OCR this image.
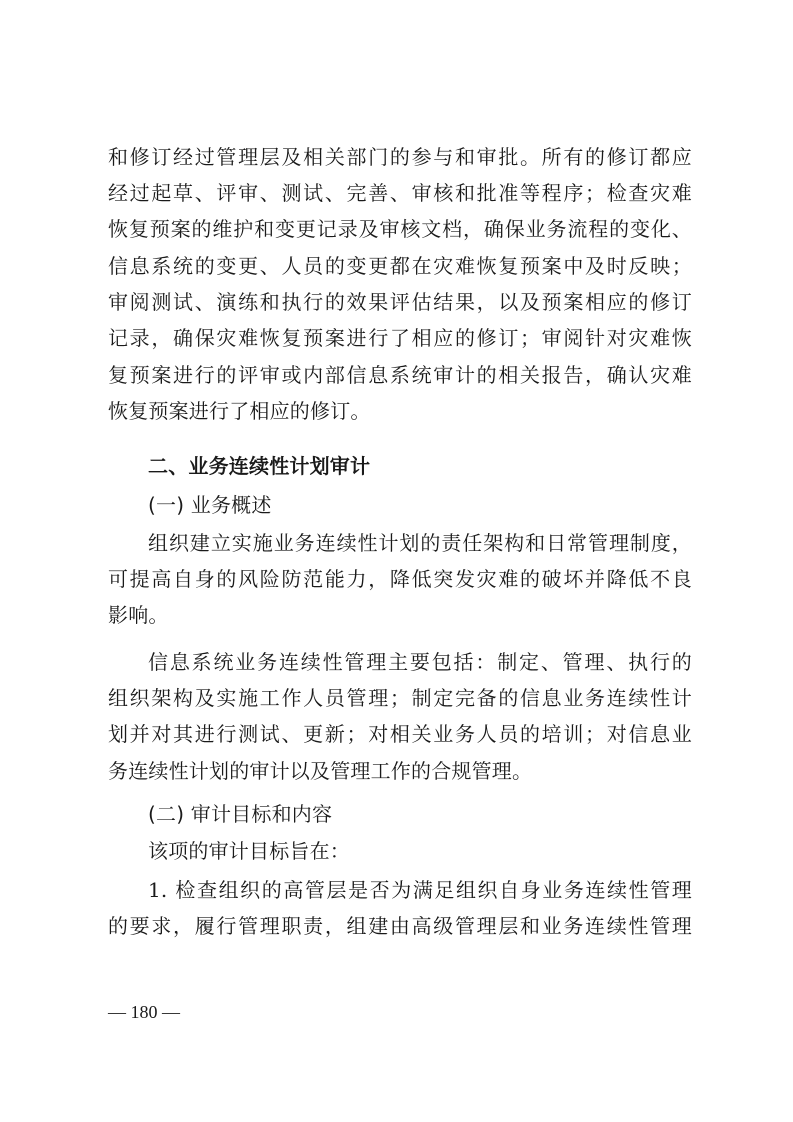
和修订经过管理层及相关部门的参与和审批。所有的修订都应
经过起草、评审、测试、完善、审核和批准等程序；检查灾难
恢复预案的维护和变更记录及审核文档，确保业务流程的变化、
信息系统的变更、人员的变更都在灾难恢复预案中及时反映；
审阅测试、演练和执行的效果评估结果，以及预案相应的修订
记录，确保灾难恢复预案进行了相应的修订；审阅针对灾难恢
复预案进行的评审或内部信息系统审计的相关报告，确认灾难
恢复预案进行了相应的修订。
二、业务连续性计划审计
(一) 业务概述
组织建立实施业务连续性计划的责任架构和日常管理制度，
可提高自身的风险防范能力，降低突发灾难的破坏并降低不良
影响。
信息系统业务连续性管理主要包括：制定、管理、执行的
组织架构及实施工作人员管理；制定完备的信息业务连续性计
划并对其进行测试、更新；对相关业务人员的培训；对信息业
务连续性计划的审计以及管理工作的合规管理。
(二) 审计目标和内容
该项的审计目标旨在：
1. 检查组织的高管层是否为满足组织自身业务连续性管理
的要求，履行管理职责，组建由高级管理层和业务连续性管理
— 180 —
